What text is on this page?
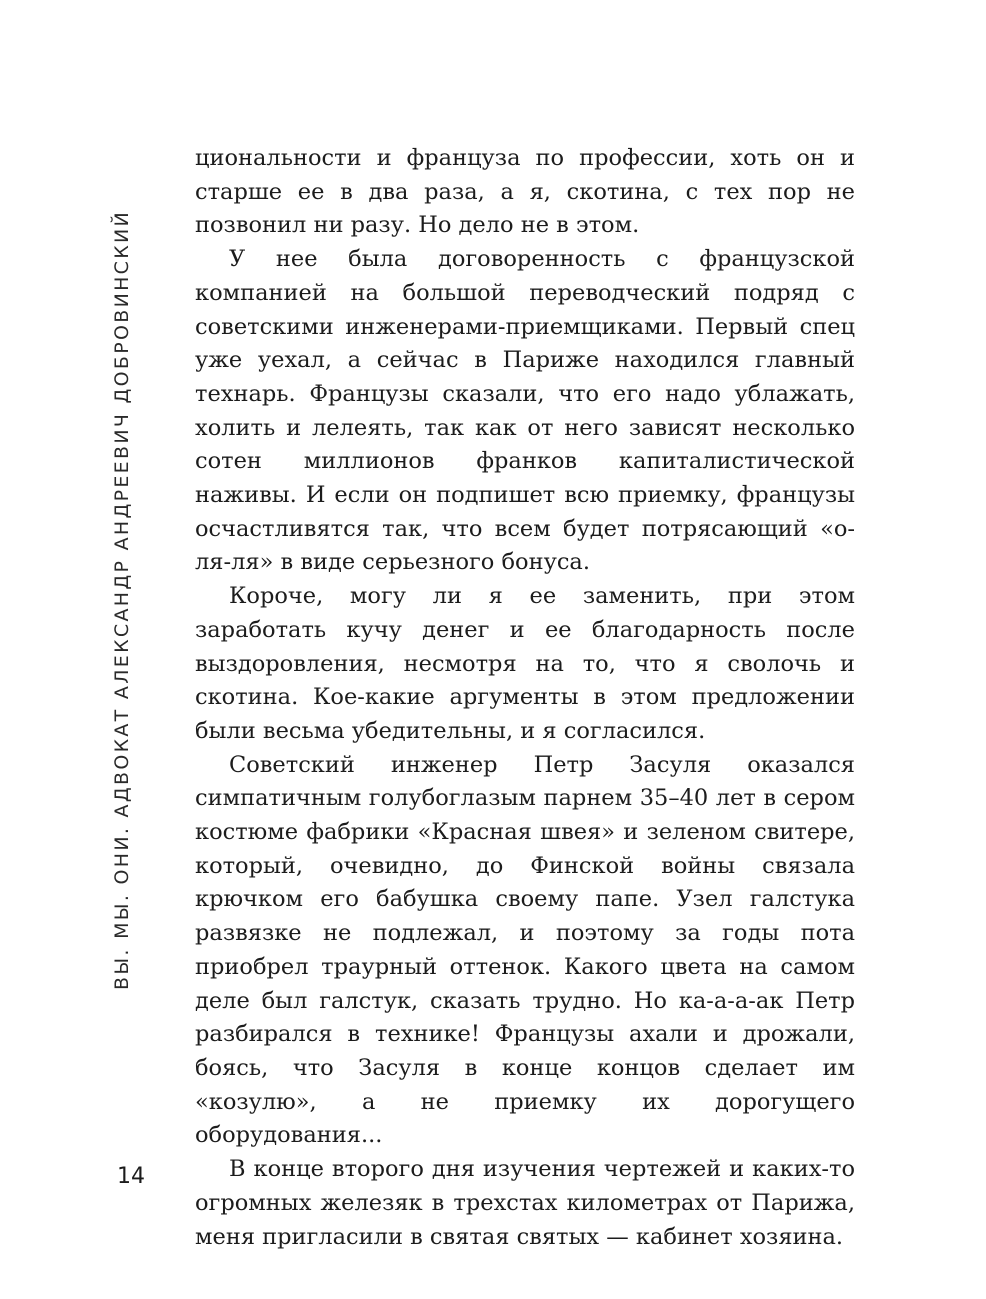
ВЫ. МЫ. ОНИ. АДВОКАТ АЛЕКСАНДР АНДРЕЕВИЧ ДОБРОВИНСКИЙ

циональности и француза по профессии, хоть он и старше ее в два раза, а я, скотина, с тех пор не позвонил ни разу. Но дело не в этом.

У нее была договоренность с французской компанией на большой переводческий подряд с советскими инженерами-приемщиками. Первый спец уже уехал, а сейчас в Париже находился главный технарь. Французы сказали, что его надо ублажать, холить и лелеять, так как от него зависят несколько сотен миллионов франков капиталистической наживы. И если он подпишет всю приемку, французы осчастливятся так, что всем будет потрясающий «о-ля-ля» в виде серьезного бонуса.

Короче, могу ли я ее заменить, при этом заработать кучу денег и ее благодарность после выздоровления, несмотря на то, что я сволочь и скотина. Кое-какие аргументы в этом предложении были весьма убедительны, и я согласился.

Советский инженер Петр Засуля оказался симпатичным голубоглазым парнем 35–40 лет в сером костюме фабрики «Красная швея» и зеленом свитере, который, очевидно, до Финской войны связала крючком его бабушка своему папе. Узел галстука развязке не подлежал, и поэтому за годы пота приобрел траурный оттенок. Какого цвета на самом деле был галстук, сказать трудно. Но ка-а-а-ак Петр разбирался в технике! Французы ахали и дрожали, боясь, что Засуля в конце концов сделает им «козулю», а не приемку их дорогущего оборудования...

В конце второго дня изучения чертежей и каких-то огромных железяк в трехстах километрах от Парижа, меня пригласили в святая святых — кабинет хозяина.

14
